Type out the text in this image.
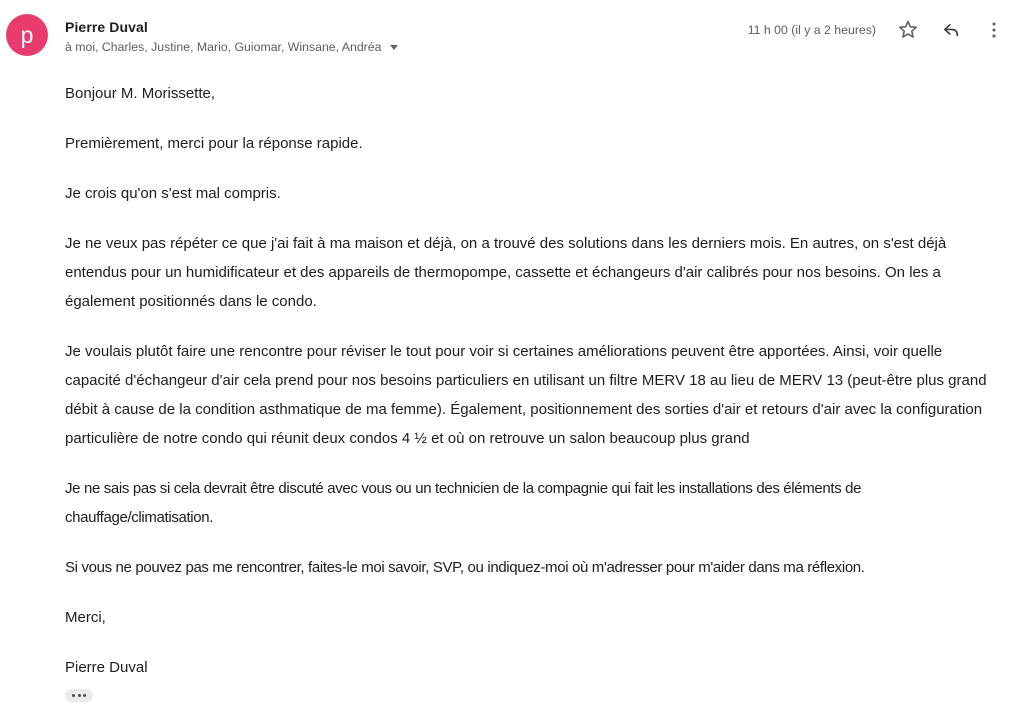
p	Pierre Duval
à moi, Charles, Justine, Mario, Guiomar, Winsane, Andréa
11 h 00 (il y a 2 heures)

Bonjour M. Morissette,

Premièrement, merci pour la réponse rapide.

Je crois qu'on s'est mal compris.

Je ne veux pas répéter ce que j'ai fait à ma maison et déjà, on a trouvé des solutions dans les derniers mois. En autres, on s'est déjà entendus pour un humidificateur et des appareils de thermopompe, cassette et échangeurs d'air calibrés pour nos besoins. On les a également positionnés dans le condo.

Je voulais plutôt faire une rencontre pour réviser le tout pour voir si certaines améliorations peuvent être apportées. Ainsi, voir quelle capacité d'échangeur d'air cela prend pour nos besoins particuliers en utilisant un filtre MERV 18 au lieu de MERV 13 (peut-être plus grand débit à cause de la condition asthmatique de ma femme). Également, positionnement des sorties d'air et retours d'air avec la configuration particulière de notre condo qui réunit deux condos 4 ½ et où on retrouve un salon beaucoup plus grand

Je ne sais pas si cela devrait être discuté avec vous ou un technicien de la compagnie qui fait les installations des éléments de chauffage/climatisation.

Si vous ne pouvez pas me rencontrer, faites-le moi savoir, SVP, ou indiquez-moi où m'adresser pour m'aider dans ma réflexion.

Merci,

Pierre Duval
